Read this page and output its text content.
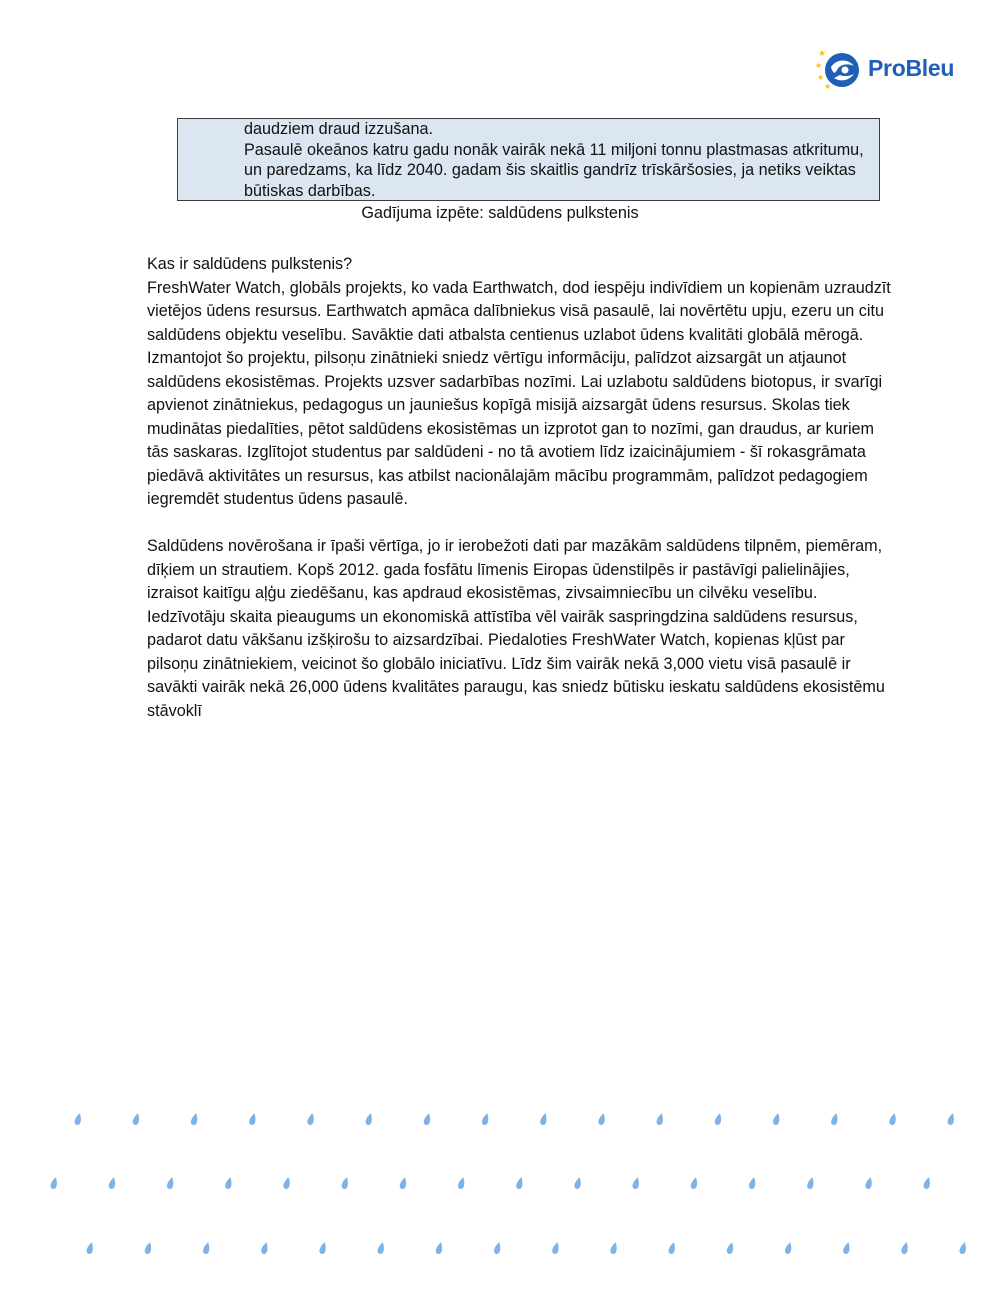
★
★
★
★
ProBleu

daudziem draud izzušana.

Pasaulē okeānos katru gadu nonāk vairāk nekā 11 miljoni tonnu plastmasas atkritumu, un paredzams, ka līdz 2040. gadam šis skaitlis gandrīz trīskāršosies, ja netiks veiktas būtiskas darbības.

Gadījuma izpēte: saldūdens pulkstenis

Kas ir saldūdens pulkstenis?

FreshWater Watch, globāls projekts, ko vada Earthwatch, dod iespēju indivīdiem un kopienām uzraudzīt vietējos ūdens resursus. Earthwatch apmāca dalībniekus visā pasaulē, lai novērtētu upju, ezeru un citu saldūdens objektu veselību. Savāktie dati atbalsta centienus uzlabot ūdens kvalitāti globālā mērogā. Izmantojot šo projektu, pilsoņu zinātnieki sniedz vērtīgu informāciju, palīdzot aizsargāt un atjaunot saldūdens ekosistēmas. Projekts uzsver sadarbības nozīmi. Lai uzlabotu saldūdens biotopus, ir svarīgi apvienot zinātniekus, pedagogus un jauniešus kopīgā misijā aizsargāt ūdens resursus. Skolas tiek mudinātas piedalīties, pētot saldūdens ekosistēmas un izprotot gan to nozīmi, gan draudus, ar kuriem tās saskaras. Izglītojot studentus par saldūdeni - no tā avotiem līdz izaicinājumiem - šī rokasgrāmata piedāvā aktivitātes un resursus, kas atbilst nacionālajām mācību programmām, palīdzot pedagogiem iegremdēt studentus ūdens pasaulē.

Saldūdens novērošana ir īpaši vērtīga, jo ir ierobežoti dati par mazākām saldūdens tilpnēm, piemēram, dīķiem un strautiem. Kopš 2012. gada fosfātu līmenis Eiropas ūdenstilpēs ir pastāvīgi palielinājies, izraisot kaitīgu aļģu ziedēšanu, kas apdraud ekosistēmas, zivsaimniecību un cilvēku veselību. Iedzīvotāju skaita pieaugums un ekonomiskā attīstība vēl vairāk saspringdzina saldūdens resursus, padarot datu vākšanu izšķirošu to aizsardzībai. Piedaloties FreshWater Watch, kopienas kļūst par pilsoņu zinātniekiem, veicinot šo globālo iniciatīvu. Līdz šim vairāk nekā 3,000 vietu visā pasaulē ir savākti vairāk nekā 26,000 ūdens kvalitātes paraugu, kas sniedz būtisku ieskatu saldūdens ekosistēmu stāvoklī
